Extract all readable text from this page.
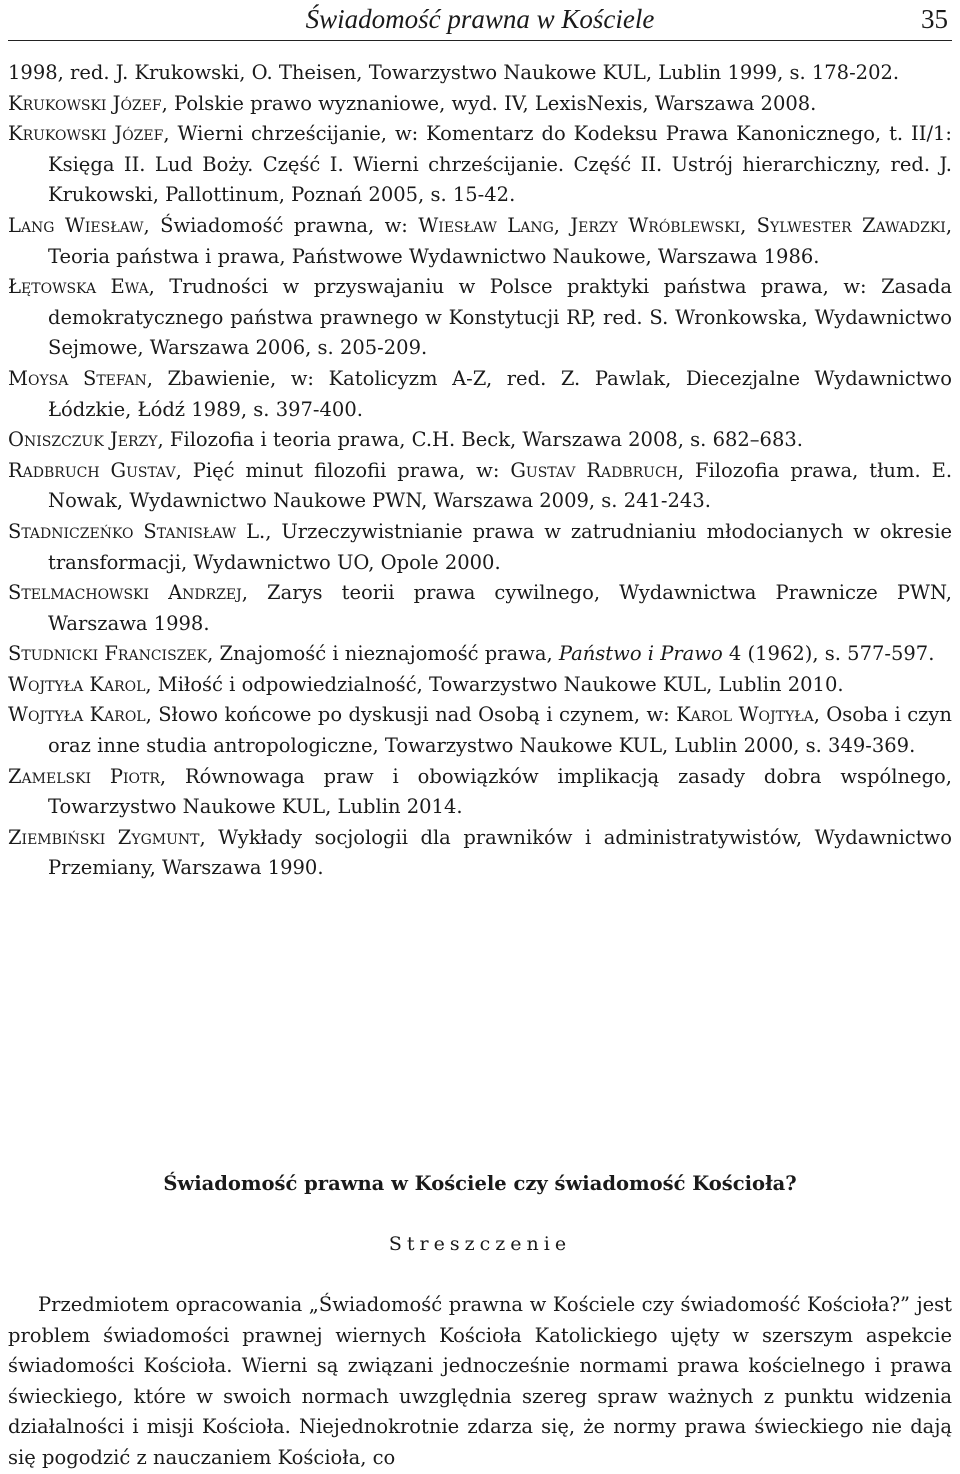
Świadomość prawna w Kościele	35
1998, red. J. Krukowski, O. Theisen, Towarzystwo Naukowe KUL, Lublin 1999, s. 178-202.
Krukowski Józef, Polskie prawo wyznaniowe, wyd. IV, LexisNexis, Warszawa 2008.
Krukowski Józef, Wierni chrześcijanie, w: Komentarz do Kodeksu Prawa Kanonicznego, t. II/1: Księga II. Lud Boży. Część I. Wierni chrześcijanie. Część II. Ustrój hierarchiczny, red. J. Krukowski, Pallottinum, Poznań 2005, s. 15-42.
Lang Wiesław, Świadomość prawna, w: Wiesław Lang, Jerzy Wróblewski, Sylwester Zawadzki, Teoria państwa i prawa, Państwowe Wydawnictwo Naukowe, Warszawa 1986.
Łętowska Ewa, Trudności w przyswajaniu w Polsce praktyki państwa prawa, w: Zasada demokratycznego państwa prawnego w Konstytucji RP, red. S. Wronkowska, Wydawnictwo Sejmowe, Warszawa 2006, s. 205-209.
Moysa Stefan, Zbawienie, w: Katolicyzm A-Z, red. Z. Pawlak, Diecezjalne Wydawnictwo Łódzkie, Łódź 1989, s. 397-400.
Oniszczuk Jerzy, Filozofia i teoria prawa, C.H. Beck, Warszawa 2008, s. 682–683.
Radbruch Gustav, Pięć minut filozofii prawa, w: Gustav Radbruch, Filozofia prawa, tłum. E. Nowak, Wydawnictwo Naukowe PWN, Warszawa 2009, s. 241-243.
Stadniczeńko Stanisław L., Urzeczywistnianie prawa w zatrudnianiu młodocianych w okresie transformacji, Wydawnictwo UO, Opole 2000.
Stelmachowski Andrzej, Zarys teorii prawa cywilnego, Wydawnictwa Prawnicze PWN, Warszawa 1998.
Studnicki Franciszek, Znajomość i nieznajomość prawa, Państwo i Prawo 4 (1962), s. 577-597.
Wojtyła Karol, Miłość i odpowiedzialność, Towarzystwo Naukowe KUL, Lublin 2010.
Wojtyła Karol, Słowo końcowe po dyskusji nad Osobą i czynem, w: Karol Wojtyła, Osoba i czyn oraz inne studia antropologiczne, Towarzystwo Naukowe KUL, Lublin 2000, s. 349-369.
Zamelski Piotr, Równowaga praw i obowiązków implikacją zasady dobra wspólnego, Towarzystwo Naukowe KUL, Lublin 2014.
Ziembiński Zygmunt, Wykłady socjologii dla prawników i administratywistów, Wydawnictwo Przemiany, Warszawa 1990.
Świadomość prawna w Kościele czy świadomość Kościoła?
Streszczenie

Przedmiotem opracowania „Świadomość prawna w Kościele czy świadomość Kościoła?” jest problem świadomości prawnej wiernych Kościoła Katolickiego ujęty w szerszym aspekcie świadomości Kościoła. Wierni są związani jednocześnie normami prawa kościelnego i prawa świeckiego, które w swoich normach uwzględnia szereg spraw ważnych z punktu widzenia działalności i misji Kościoła. Niejednokrotnie zdarza się, że normy prawa świeckiego nie dają się pogodzić z nauczaniem Kościoła, co
